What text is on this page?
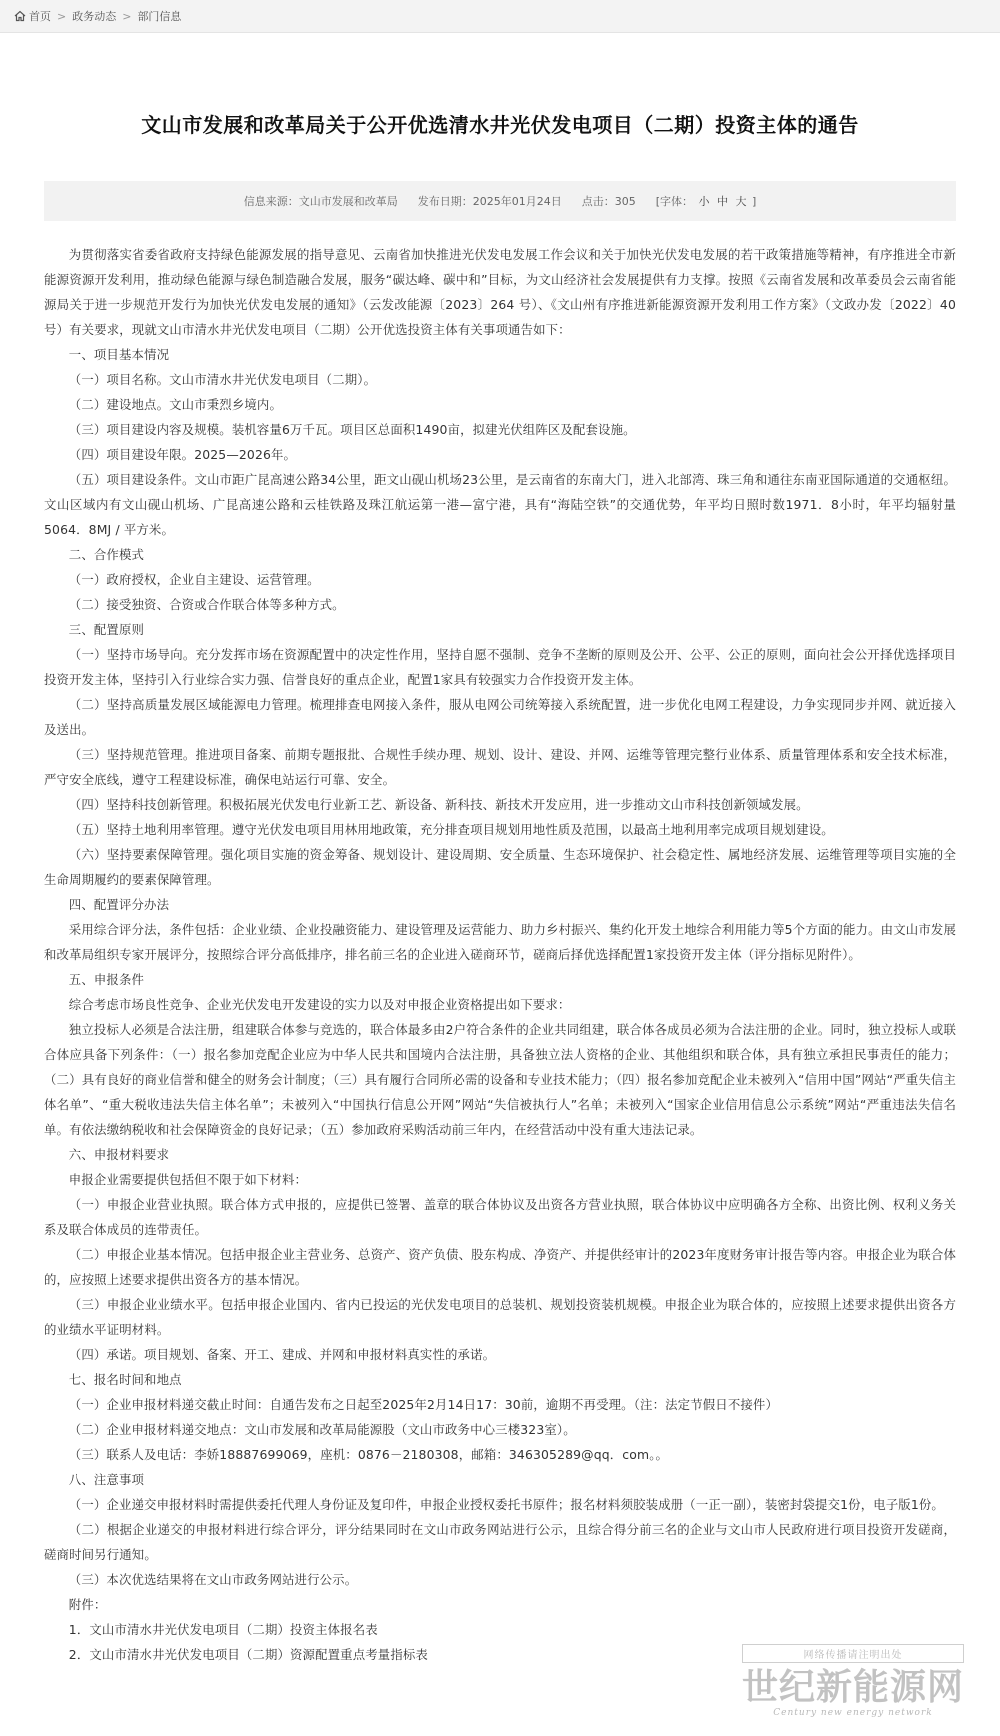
首页 > 政务动态 > 部门信息
文山市发展和改革局关于公开优选清水井光伏发电项目（二期）投资主体的通告
信息来源：文山市发展和改革局 发布日期：2025年01月24日 点击：305 [字体： 小 中 大 ]

为贯彻落实省委省政府支持绿色能源发展的指导意见、云南省加快推进光伏发电发展工作会议和关于加快光伏发电发展的若干政策措施等精神，有序推进全市新能源资源开发利用，推动绿色能源与绿色制造融合发展，服务“碳达峰、碳中和”目标，为文山经济社会发展提供有力支撑。按照《云南省发展和改革委员会云南省能源局关于进一步规范开发行为加快光伏发电发展的通知》（云发改能源〔2023〕264 号）、《文山州有序推进新能源资源开发利用工作方案》（文政办发〔2022〕40 号）有关要求，现就文山市清水井光伏发电项目（二期）公开优选投资主体有关事项通告如下：

一、项目基本情况

（一）项目名称。文山市清水井光伏发电项目（二期）。

（二）建设地点。文山市秉烈乡境内。

（三）项目建设内容及规模。装机容量6万千瓦。项目区总面积1490亩，拟建光伏组阵区及配套设施。

（四）项目建设年限。2025—2026年。

（五）项目建设条件。文山市距广昆高速公路34公里，距文山砚山机场23公里，是云南省的东南大门，进入北部湾、珠三角和通往东南亚国际通道的交通枢纽。文山区域内有文山砚山机场、广昆高速公路和云桂铁路及珠江航运第一港—富宁港，具有“海陆空铁”的交通优势，年平均日照时数1971．8小时，年平均辐射量5064．8MJ / 平方米。

二、合作模式

（一）政府授权，企业自主建设、运营管理。

（二）接受独资、合资或合作联合体等多种方式。

三、配置原则

（一）坚持市场导向。充分发挥市场在资源配置中的决定性作用，坚持自愿不强制、竞争不垄断的原则及公开、公平、公正的原则，面向社会公开择优选择项目投资开发主体，坚持引入行业综合实力强、信誉良好的重点企业，配置1家具有较强实力合作投资开发主体。

（二）坚持高质量发展区域能源电力管理。梳理排查电网接入条件，服从电网公司统筹接入系统配置，进一步优化电网工程建设，力争实现同步并网、就近接入及送出。

（三）坚持规范管理。推进项目备案、前期专题报批、合规性手续办理、规划、设计、建设、并网、运维等管理完整行业体系、质量管理体系和安全技术标准，严守安全底线，遵守工程建设标准，确保电站运行可靠、安全。

（四）坚持科技创新管理。积极拓展光伏发电行业新工艺、新设备、新科技、新技术开发应用，进一步推动文山市科技创新领域发展。

（五）坚持土地利用率管理。遵守光伏发电项目用林用地政策，充分排查项目规划用地性质及范围，以最高土地利用率完成项目规划建设。

（六）坚持要素保障管理。强化项目实施的资金筹备、规划设计、建设周期、安全质量、生态环境保护、社会稳定性、属地经济发展、运维管理等项目实施的全生命周期履约的要素保障管理。

四、配置评分办法

采用综合评分法，条件包括：企业业绩、企业投融资能力、建设管理及运营能力、助力乡村振兴、集约化开发土地综合利用能力等5个方面的能力。由文山市发展和改革局组织专家开展评分，按照综合评分高低排序，排名前三名的企业进入磋商环节，磋商后择优选择配置1家投资开发主体（评分指标见附件）。

五、申报条件

综合考虑市场良性竞争、企业光伏发电开发建设的实力以及对申报企业资格提出如下要求：

独立投标人必须是合法注册，组建联合体参与竞选的，联合体最多由2户符合条件的企业共同组建，联合体各成员必须为合法注册的企业。同时，独立投标人或联合体应具备下列条件：（一）报名参加竞配企业应为中华人民共和国境内合法注册，具备独立法人资格的企业、其他组织和联合体，具有独立承担民事责任的能力；（二）具有良好的商业信誉和健全的财务会计制度；（三）具有履行合同所必需的设备和专业技术能力；（四）报名参加竞配企业未被列入“信用中国”网站“严重失信主体名单”、“重大税收违法失信主体名单”；未被列入“中国执行信息公开网”网站“失信被执行人”名单；未被列入“国家企业信用信息公示系统”网站“严重违法失信名单。有依法缴纳税收和社会保障资金的良好记录；（五）参加政府采购活动前三年内，在经营活动中没有重大违法记录。

六、申报材料要求

申报企业需要提供包括但不限于如下材料：

（一）申报企业营业执照。联合体方式申报的，应提供已签署、盖章的联合体协议及出资各方营业执照，联合体协议中应明确各方全称、出资比例、权利义务关系及联合体成员的连带责任。

（二）申报企业基本情况。包括申报企业主营业务、总资产、资产负债、股东构成、净资产、并提供经审计的2023年度财务审计报告等内容。申报企业为联合体的，应按照上述要求提供出资各方的基本情况。

（三）申报企业业绩水平。包括申报企业国内、省内已投运的光伏发电项目的总装机、规划投资装机规模。申报企业为联合体的，应按照上述要求提供出资各方的业绩水平证明材料。

（四）承诺。项目规划、备案、开工、建成、并网和申报材料真实性的承诺。

七、报名时间和地点

（一）企业申报材料递交截止时间：自通告发布之日起至2025年2月14日17：30前，逾期不再受理。（注：法定节假日不接件）

（二）企业申报材料递交地点：文山市发展和改革局能源股（文山市政务中心三楼323室）。

（三）联系人及电话：李娇18887699069，座机：0876－2180308，邮箱：346305289@qq．com。。

八、注意事项

（一）企业递交申报材料时需提供委托代理人身份证及复印件，申报企业授权委托书原件；报名材料须胶装成册（一正一副），装密封袋提交1份，电子版1份。

（二）根据企业递交的申报材料进行综合评分，评分结果同时在文山市政务网站进行公示，且综合得分前三名的企业与文山市人民政府进行项目投资开发磋商，磋商时间另行通知。

（三）本次优选结果将在文山市政务网站进行公示。

附件：

1．文山市清水井光伏发电项目（二期）投资主体报名表

2．文山市清水井光伏发电项目（二期）资源配置重点考量指标表	网络传播请注明出处
世纪新能源网
Century new energy network
